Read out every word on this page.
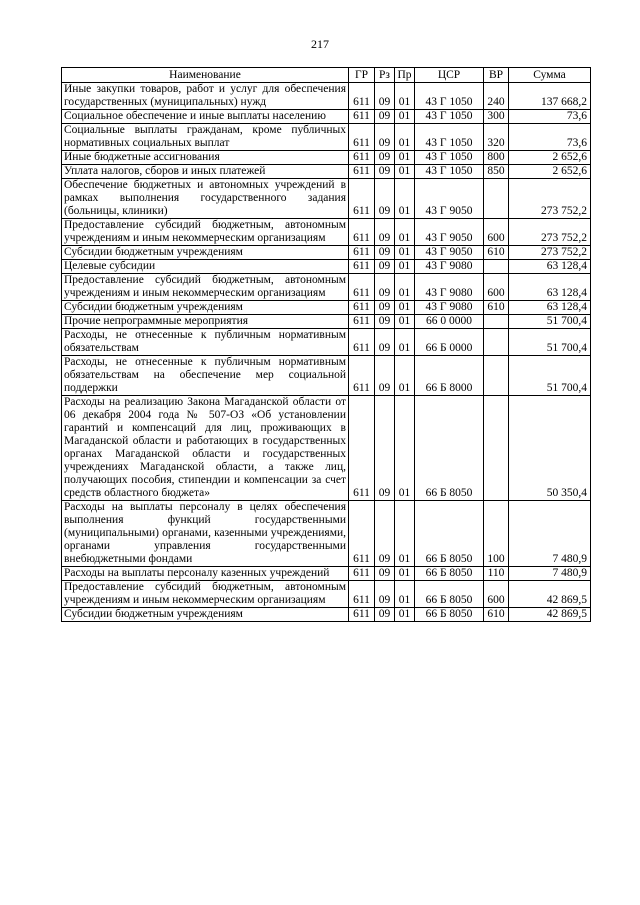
217
Наименование	ГР	Рз	Пр	ЦСР	ВР	Сумма
Иные закупки товаров, работ и услуг для обеспечения государственных (муниципальных) нужд	611	09	01	43 Г 1050	240	137 668,2
Социальное обеспечение и иные выплаты населению	611	09	01	43 Г 1050	300	73,6
Социальные выплаты гражданам, кроме публичных нормативных социальных выплат	611	09	01	43 Г 1050	320	73,6
Иные бюджетные ассигнования	611	09	01	43 Г 1050	800	2 652,6
Уплата налогов, сборов и иных платежей	611	09	01	43 Г 1050	850	2 652,6
Обеспечение бюджетных и автономных учреждений в рамках выполнения государственного задания (больницы, клиники)	611	09	01	43 Г 9050		273 752,2
Предоставление субсидий бюджетным, автономным учреждениям и иным некоммерческим организациям	611	09	01	43 Г 9050	600	273 752,2
Субсидии бюджетным учреждениям	611	09	01	43 Г 9050	610	273 752,2
Целевые субсидии	611	09	01	43 Г 9080		63 128,4
Предоставление субсидий бюджетным, автономным учреждениям и иным некоммерческим организациям	611	09	01	43 Г 9080	600	63 128,4
Субсидии бюджетным учреждениям	611	09	01	43 Г 9080	610	63 128,4
Прочие непрограммные мероприятия	611	09	01	66 0 0000		51 700,4
Расходы, не отнесенные к публичным нормативным обязательствам	611	09	01	66 Б 0000		51 700,4
Расходы, не отнесенные к публичным нормативным обязательствам на обеспечение мер социальной поддержки	611	09	01	66 Б 8000		51 700,4
Расходы на реализацию Закона Магаданской области от 06 декабря 2004 года № 507-ОЗ «Об установлении гарантий и компенсаций для лиц, проживающих в Магаданской области и работающих в государственных органах Магаданской области и государственных учреждениях Магаданской области, а также лиц, получающих пособия, стипендии и компенсации за счет средств областного бюджета»	611	09	01	66 Б 8050		50 350,4
Расходы на выплаты персоналу в целях обеспечения выполнения функций государственными (муниципальными) органами, казенными учреждениями, органами управления государственными внебюджетными фондами	611	09	01	66 Б 8050	100	7 480,9
Расходы на выплаты персоналу казенных учреждений	611	09	01	66 Б 8050	110	7 480,9
Предоставление субсидий бюджетным, автономным учреждениям и иным некоммерческим организациям	611	09	01	66 Б 8050	600	42 869,5
Субсидии бюджетным учреждениям	611	09	01	66 Б 8050	610	42 869,5
